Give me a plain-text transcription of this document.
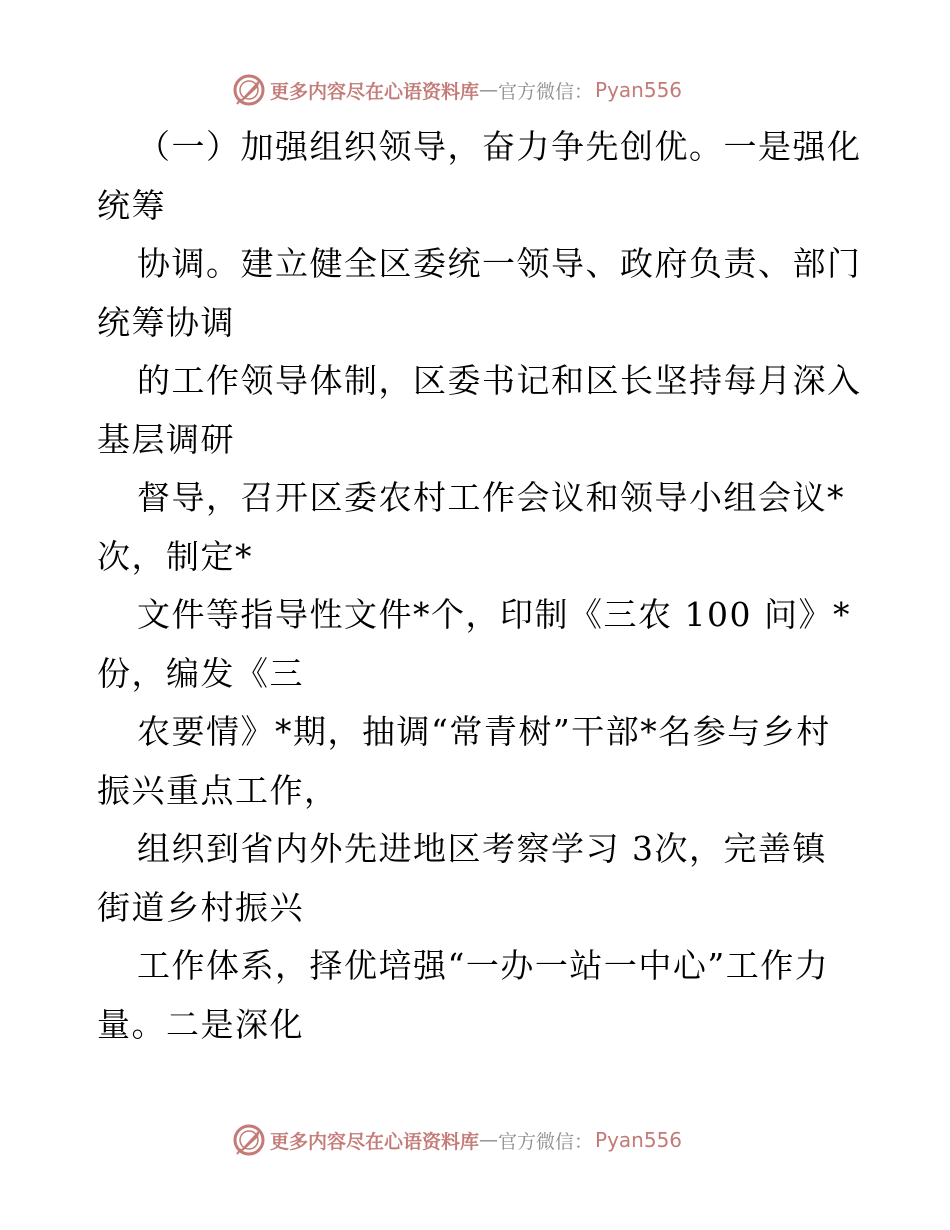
更多内容尽在心语资料库 — 官方微信： Pyan556
（一）加强组织领导，奋力争先创优。一是强化
统筹
协调。建立健全区委统一领导、政府负责、部门
统筹协调
的工作领导体制，区委书记和区长坚持每月深入
基层调研
督导，召开区委农村工作会议和领导小组会议*
次，制定*
文件等指导性文件*个，印制《三农 100 问》*
份，编发《三
农要情》*期，抽调“常青树”干部*名参与乡村
振兴重点工作，
组织到省内外先进地区考察学习 3次，完善镇
街道乡村振兴
工作体系，择优培强“一办一站一中心”工作力
量。二是深化
更多内容尽在心语资料库 — 官方微信： Pyan556
